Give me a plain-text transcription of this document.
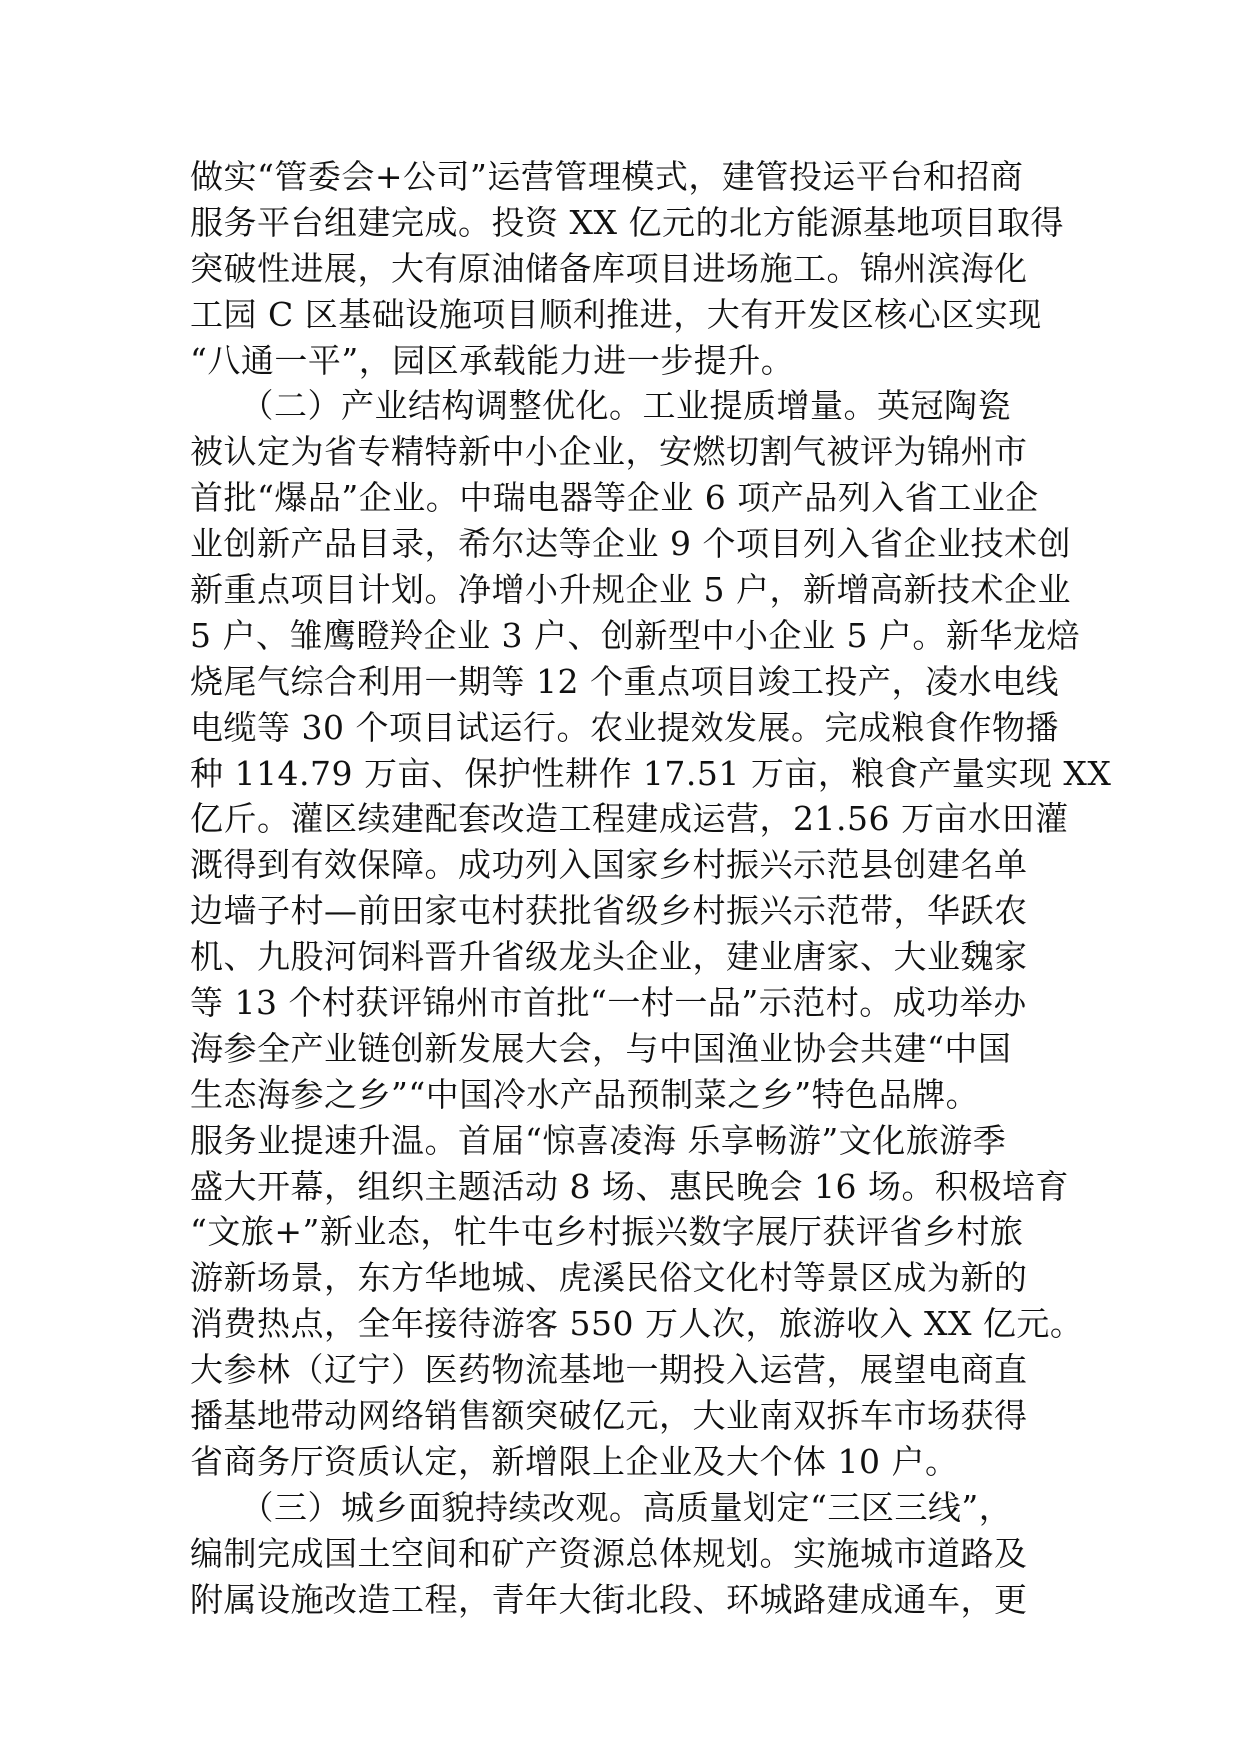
做实“管委会+公司”运营管理模式，建管投运平台和招商
服务平台组建完成。投资 XX 亿元的北方能源基地项目取得
突破性进展，大有原油储备库项目进场施工。锦州滨海化
工园 C 区基础设施项目顺利推进，大有开发区核心区实现
“八通一平”，园区承载能力进一步提升。
　　（二）产业结构调整优化。工业提质增量。英冠陶瓷
被认定为省专精特新中小企业，安燃切割气被评为锦州市
首批“爆品”企业。中瑞电器等企业 6 项产品列入省工业企
业创新产品目录，希尔达等企业 9 个项目列入省企业技术创
新重点项目计划。净增小升规企业 5 户，新增高新技术企业
5 户、雏鹰瞪羚企业 3 户、创新型中小企业 5 户。新华龙焙
烧尾气综合利用一期等 12 个重点项目竣工投产，凌水电线
电缆等 30 个项目试运行。农业提效发展。完成粮食作物播
种 114.79 万亩、保护性耕作 17.51 万亩，粮食产量实现 XX
亿斤。灌区续建配套改造工程建成运营，21.56 万亩水田灌
溉得到有效保障。成功列入国家乡村振兴示范县创建名单
边墙子村—前田家屯村获批省级乡村振兴示范带，华跃农
机、九股河饲料晋升省级龙头企业，建业唐家、大业魏家
等 13 个村获评锦州市首批“一村一品”示范村。成功举办
海参全产业链创新发展大会，与中国渔业协会共建“中国
生态海参之乡”“中国冷水产品预制菜之乡”特色品牌。
服务业提速升温。首届“惊喜凌海 乐享畅游”文化旅游季
盛大开幕，组织主题活动 8 场、惠民晚会 16 场。积极培育
“文旅+”新业态，牤牛屯乡村振兴数字展厅获评省乡村旅
游新场景，东方华地城、虎溪民俗文化村等景区成为新的
消费热点，全年接待游客 550 万人次，旅游收入 XX 亿元。
大参林（辽宁）医药物流基地一期投入运营，展望电商直
播基地带动网络销售额突破亿元，大业南双拆车市场获得
省商务厅资质认定，新增限上企业及大个体 10 户。
　　（三）城乡面貌持续改观。高质量划定“三区三线”，
编制完成国土空间和矿产资源总体规划。实施城市道路及
附属设施改造工程，青年大街北段、环城路建成通车，更
